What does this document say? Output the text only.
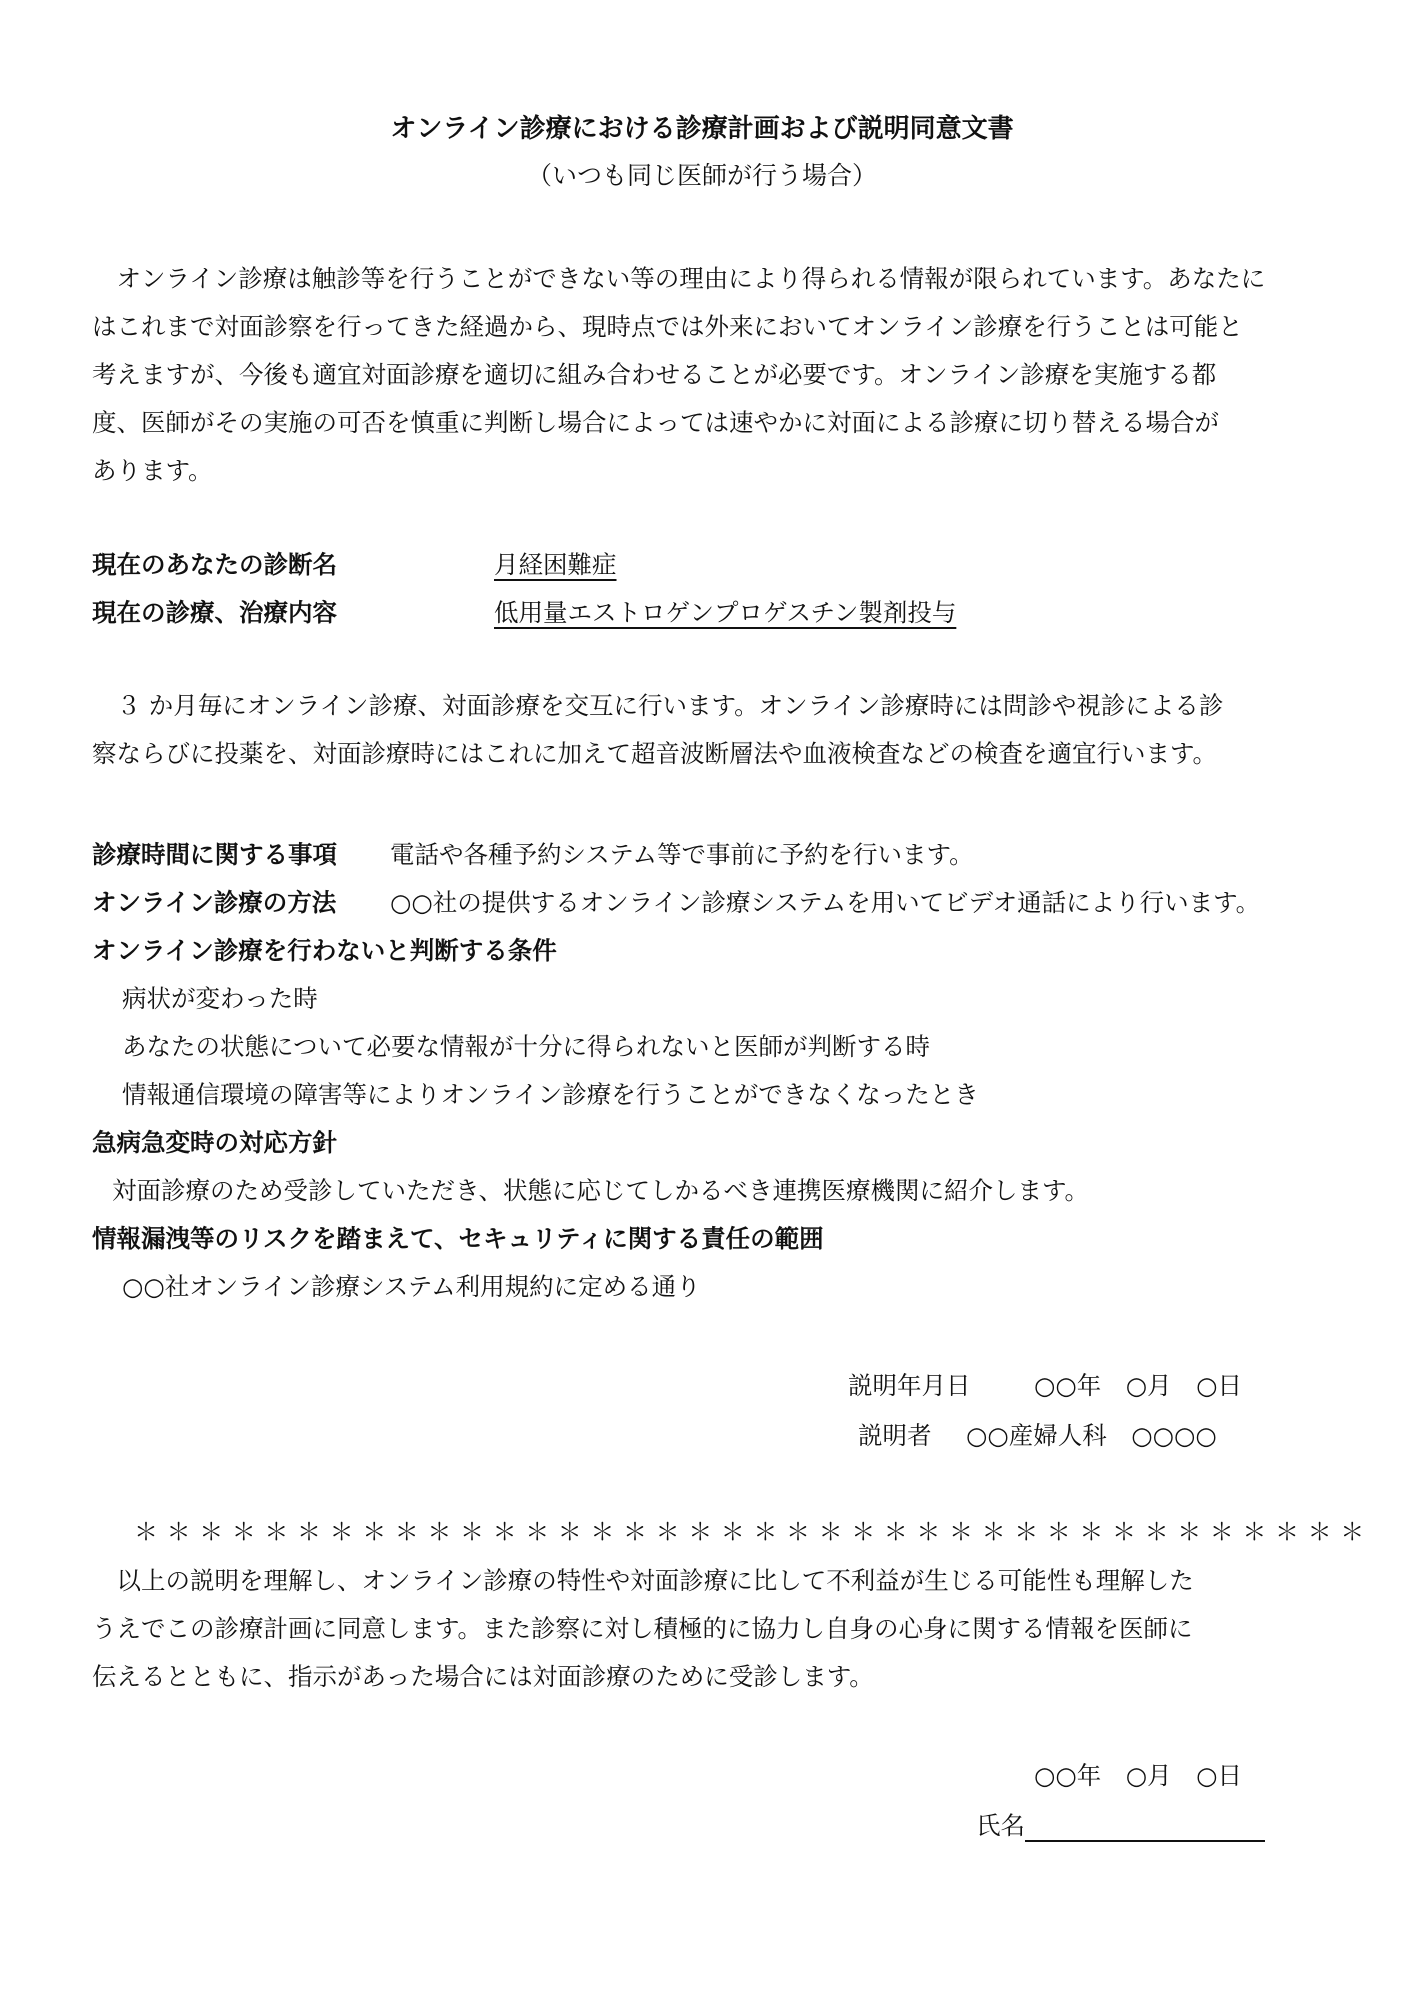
オンライン診療における診療計画および説明同意文書
（いつも同じ医師が行う場合）

　オンライン診療は触診等を行うことができない等の理由により得られる情報が限られています。あなたに

はこれまで対面診察を行ってきた経過から、現時点では外来においてオンライン診療を行うことは可能と

考えますが、今後も適宜対面診療を適切に組み合わせることが必要です。オンライン診療を実施する都

度、医師がその実施の可否を慎重に判断し場合によっては速やかに対面による診療に切り替える場合が

あります。

現在のあなたの診断名	月経困難症
現在の診療、治療内容	低用量エストロゲンプロゲスチン製剤投与

　３ か月毎にオンライン診療、対面診療を交互に行います。オンライン診療時には問診や視診による診

察ならびに投薬を、対面診療時にはこれに加えて超音波断層法や血液検査などの検査を適宜行います。

診療時間に関する事項 電話や各種予約システム等で事前に予約を行います。
オンライン診療の方法 ○○社の提供するオンライン診療システムを用いてビデオ通話により行います。
オンライン診療を行わないと判断する条件
病状が変わった時
あなたの状態について必要な情報が十分に得られないと医師が判断する時
情報通信環境の障害等によりオンライン診療を行うことができなくなったとき
急病急変時の対応方針
対面診療のため受診していただき、状態に応じてしかるべき連携医療機関に紹介します。
情報漏洩等のリスクを踏まえて、セキュリティに関する責任の範囲
○○社オンライン診療システム利用規約に定める通り
説明年月日	○○年　○月　○日
説明者 ○○産婦人科　○○○○
＊＊＊＊＊＊＊＊＊＊＊＊＊＊＊＊＊＊＊＊＊＊＊＊＊＊＊＊＊＊＊＊＊＊＊＊＊＊

　以上の説明を理解し、オンライン診療の特性や対面診療に比して不利益が生じる可能性も理解した

うえでこの診療計画に同意します。また診察に対し積極的に協力し自身の心身に関する情報を医師に

伝えるとともに、指示があった場合には対面診療のために受診します。

○○年　○月　○日
氏名
